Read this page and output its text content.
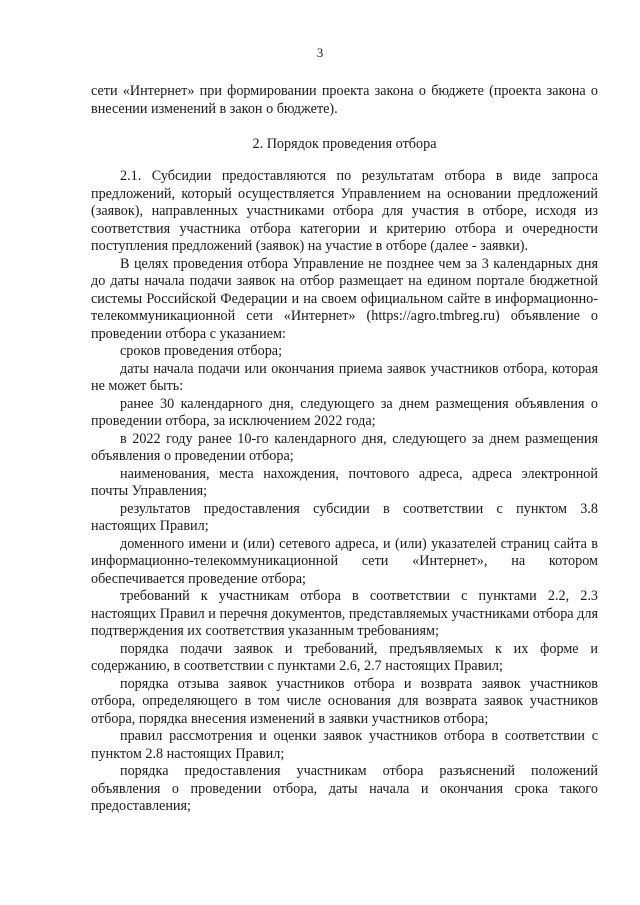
3

сети «Интернет» при формировании проекта закона о бюджете (проекта закона о внесении изменений в закон о бюджете).

2. Порядок проведения отбора

2.1. Субсидии предоставляются по результатам отбора в виде запроса предложений, который осуществляется Управлением на основании предложений (заявок), направленных участниками отбора для участия в отборе, исходя из соответствия участника отбора категории и критерию отбора и очередности поступления предложений (заявок) на участие в отборе (далее - заявки).

В целях проведения отбора Управление не позднее чем за 3 календарных дня до даты начала подачи заявок на отбор размещает на едином портале бюджетной системы Российской Федерации и на своем официальном сайте в информационно-телекоммуникационной сети «Интернет» (https://agro.tmbreg.ru) объявление о проведении отбора с указанием:

сроков проведения отбора;

даты начала подачи или окончания приема заявок участников отбора, которая не может быть:

ранее 30 календарного дня, следующего за днем размещения объявления о проведении отбора, за исключением 2022 года;

в 2022 году ранее 10-го календарного дня, следующего за днем размещения объявления о проведении отбора;

наименования, места нахождения, почтового адреса, адреса электронной почты Управления;

результатов предоставления субсидии в соответствии с пунктом 3.8 настоящих Правил;

доменного имени и (или) сетевого адреса, и (или) указателей страниц сайта в информационно-телекоммуникационной сети «Интернет», на котором обеспечивается проведение отбора;

требований к участникам отбора в соответствии с пунктами 2.2, 2.3 настоящих Правил и перечня документов, представляемых участниками отбора для подтверждения их соответствия указанным требованиям;

порядка подачи заявок и требований, предъявляемых к их форме и содержанию, в соответствии с пунктами 2.6, 2.7 настоящих Правил;

порядка отзыва заявок участников отбора и возврата заявок участников отбора, определяющего в том числе основания для возврата заявок участников отбора, порядка внесения изменений в заявки участников отбора;

правил рассмотрения и оценки заявок участников отбора в соответствии с пунктом 2.8 настоящих Правил;

порядка предоставления участникам отбора разъяснений положений объявления о проведении отбора, даты начала и окончания срока такого предоставления;
